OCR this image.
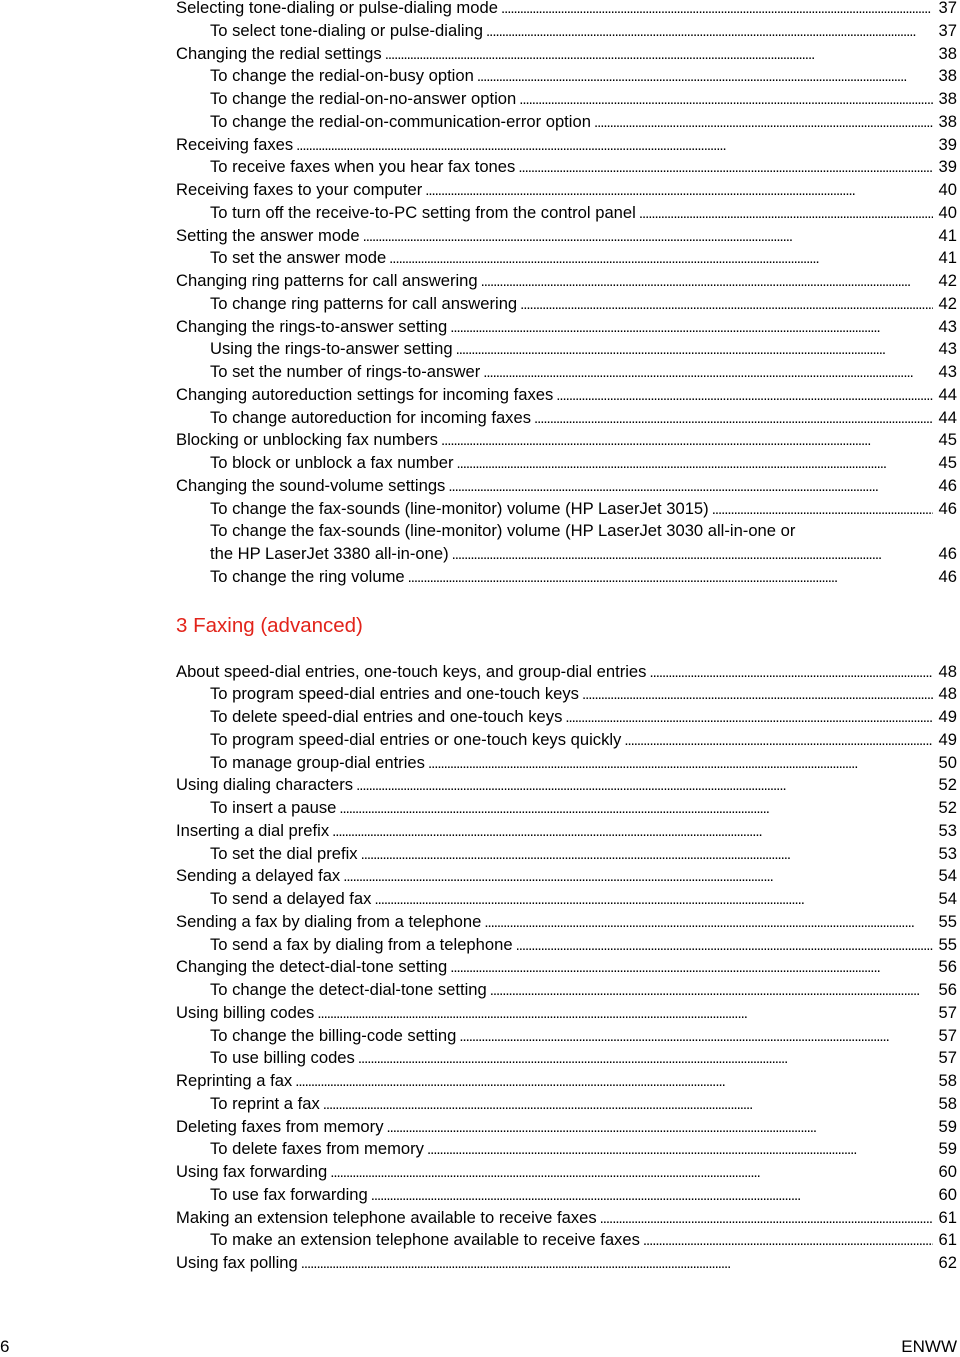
Selecting tone-dialing or pulse-dialing mode . . .	37
To select tone-dialing or pulse-dialing . . .	37
Changing the redial settings . . .	38
To change the redial-on-busy option . . .	38
To change the redial-on-no-answer option . . .	38
To change the redial-on-communication-error option . . .	38
Receiving faxes . . .	39
To receive faxes when you hear fax tones . . .	39
Receiving faxes to your computer . . .	40
To turn off the receive-to-PC setting from the control panel . . .	40
Setting the answer mode . . .	41
To set the answer mode . . .	41
Changing ring patterns for call answering . . .	42
To change ring patterns for call answering . . .	42
Changing the rings-to-answer setting . . .	43
Using the rings-to-answer setting . . .	43
To set the number of rings-to-answer . . .	43
Changing autoreduction settings for incoming faxes . . .	44
To change autoreduction for incoming faxes . . .	44
Blocking or unblocking fax numbers . . .	45
To block or unblock a fax number . . .	45
Changing the sound-volume settings . . .	46
To change the fax-sounds (line-monitor) volume (HP LaserJet 3015) . . .	46
To change the fax-sounds (line-monitor) volume (HP LaserJet 3030 all-in-one or
the HP LaserJet 3380 all-in-one) . . .	46
To change the ring volume . . .	46
3 Faxing (advanced)
About speed-dial entries, one-touch keys, and group-dial entries . . .	48
To program speed-dial entries and one-touch keys . . .	48
To delete speed-dial entries and one-touch keys . . .	49
To program speed-dial entries or one-touch keys quickly . . .	49
To manage group-dial entries . . .	50
Using dialing characters . . .	52
To insert a pause . . .	52
Inserting a dial prefix . . .	53
To set the dial prefix . . .	53
Sending a delayed fax . . .	54
To send a delayed fax . . .	54
Sending a fax by dialing from a telephone . . .	55
To send a fax by dialing from a telephone . . .	55
Changing the detect-dial-tone setting . . .	56
To change the detect-dial-tone setting . . .	56
Using billing codes . . .	57
To change the billing-code setting . . .	57
To use billing codes . . .	57
Reprinting a fax . . .	58
To reprint a fax . . .	58
Deleting faxes from memory . . .	59
To delete faxes from memory . . .	59
Using fax forwarding . . .	60
To use fax forwarding . . .	60
Making an extension telephone available to receive faxes . . .	61
To make an extension telephone available to receive faxes . . .	61
Using fax polling . . .	62
6	ENWW
